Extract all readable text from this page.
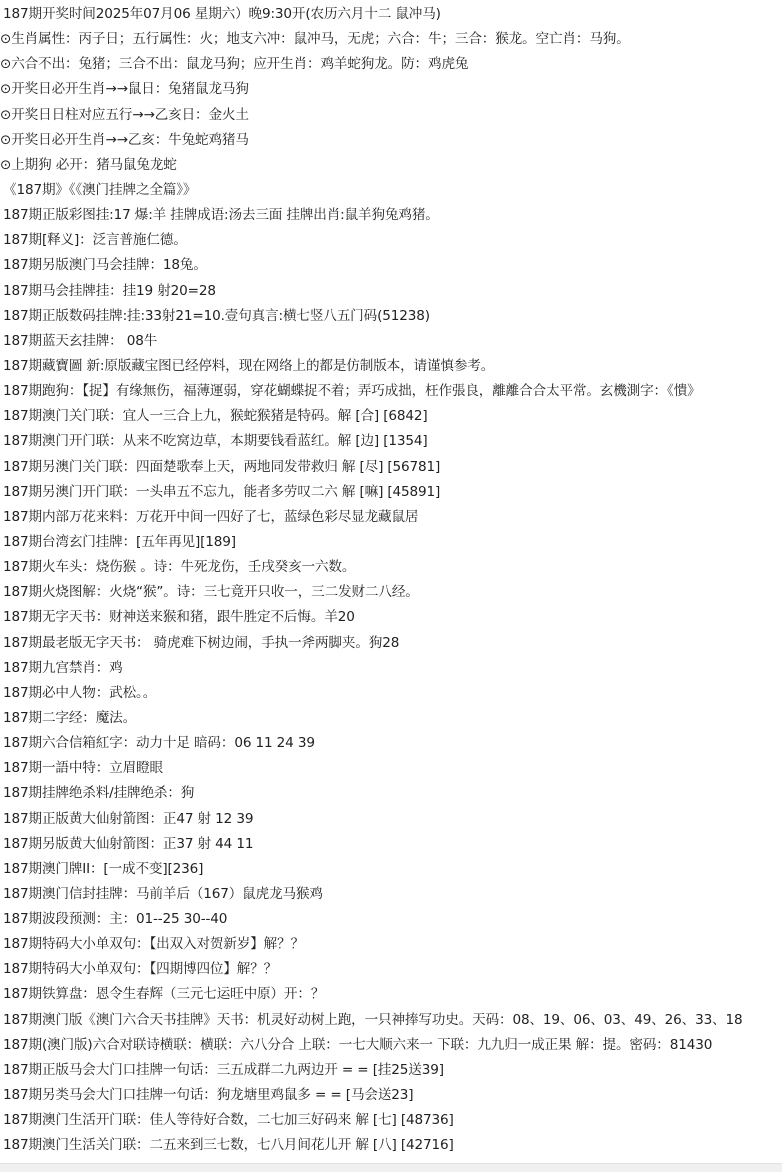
187期开奖时间2025年07月06 星期六）晚9:30开(农历六月十二 鼠冲马)
⊙生肖属性：丙子日；五行属性：火；地支六冲：鼠冲马，无虎；六合：牛；三合：猴龙。空亡肖：马狗。
⊙六合不出：兔猪；三合不出：鼠龙马狗；应开生肖：鸡羊蛇狗龙。防：鸡虎兔
⊙开奖日必开生肖→→鼠日：兔猪鼠龙马狗
⊙开奖日日柱对应五行→→乙亥日：金火土
⊙开奖日必开生肖→→乙亥：牛兔蛇鸡猪马
⊙上期狗 必开：猪马鼠兔龙蛇
《187期》《《澳门挂牌之全篇》》
187期正版彩图挂:17 爆:羊 挂牌成语:汤去三面 挂牌出肖:鼠羊狗兔鸡猪。
187期[释义]：泛言普施仁德。
187期另版澳门马会挂牌：18兔。
187期马会挂牌挂：挂19 射20=28
187期正版数码挂牌:挂:33射21=10.壹句真言:横七竖八五门码(51238)
187期蓝天玄挂牌： 08牛
187期藏寶圖 新:原版藏宝图已经停料，现在网络上的都是仿制版本，请谨慎参考。
187期跑狗：【捉】有缘無伤，福薄運弱，穿花蝴蝶捉不着；弄巧成拙，枉作張良，離離合合太平常。玄機測字：《憒》
187期澳门关门联：宜人一三合上九，猴蛇猴猪是特码。解 [合] [6842]
187期澳门开门联：从来不吃窝边草，本期要钱看蓝红。解 [边] [1354]
187期另澳门关门联：四面楚歌奉上天，两地同发带救归 解 [尽] [56781]
187期另澳门开门联：一头串五不忘九，能者多劳叹二六 解 [嘛] [45891]
187期内部万花来料：万花开中间一四好了七，蓝绿色彩尽显龙藏鼠居
187期台湾玄门挂牌：[五年再见][189]
187期火车头：烧伤猴 。诗：牛死龙伤，壬戌癸亥一六数。
187期火烧图解：火烧“猴”。诗：三七竟开只收一，三二发财二八经。
187期无字天书：财神送来猴和猪，跟牛胜定不后悔。羊20
187期最老版无字天书： 骑虎难下树边闹，手执一斧两脚夹。狗28
187期九宫禁肖：鸡
187期必中人物：武松。。
187期二字经：魔法。
187期六合信箱紅字：动力十足 暗码：06 11 24 39
187期一語中特：立眉瞪眼
187期挂牌绝杀料/挂牌绝杀：狗
187期正版黄大仙射箭图：正47 射 12 39
187期另版黄大仙射箭图：正37 射 44 11
187期澳门牌II：[一成不变][236]
187期澳门信封挂牌：马前羊后（167）鼠虎龙马猴鸡
187期波段预测：主：01--25 30--40
187期特码大小单双句：【出双入对贺新岁】解？？
187期特码大小单双句：【四期博四位】解？？
187期铁算盘：恩令生春辉（三元七运旺中原）开：？
187期澳门版《澳门六合天书挂牌》天书：机灵好动树上跑，一只神捧写功史。天码：08、19、06、03、49、26、33、18
187期(澳门版)六合对联诗横联：横联：六八分合 上联：一七大顺六来一 下联：九九归一成正果 解：提。密码：81430
187期正版马会大门口挂牌一句话：三五成群二九两边开 = = [挂25送39]
187期另类马会大门口挂牌一句话：狗龙塘里鸡鼠多 = = [马会送23]
187期澳门生活开门联：佳人等待好合数，二七加三好码来 解 [七] [48736]
187期澳门生活关门联：二五来到三七数，七八月间花儿开 解 [八] [42716]
